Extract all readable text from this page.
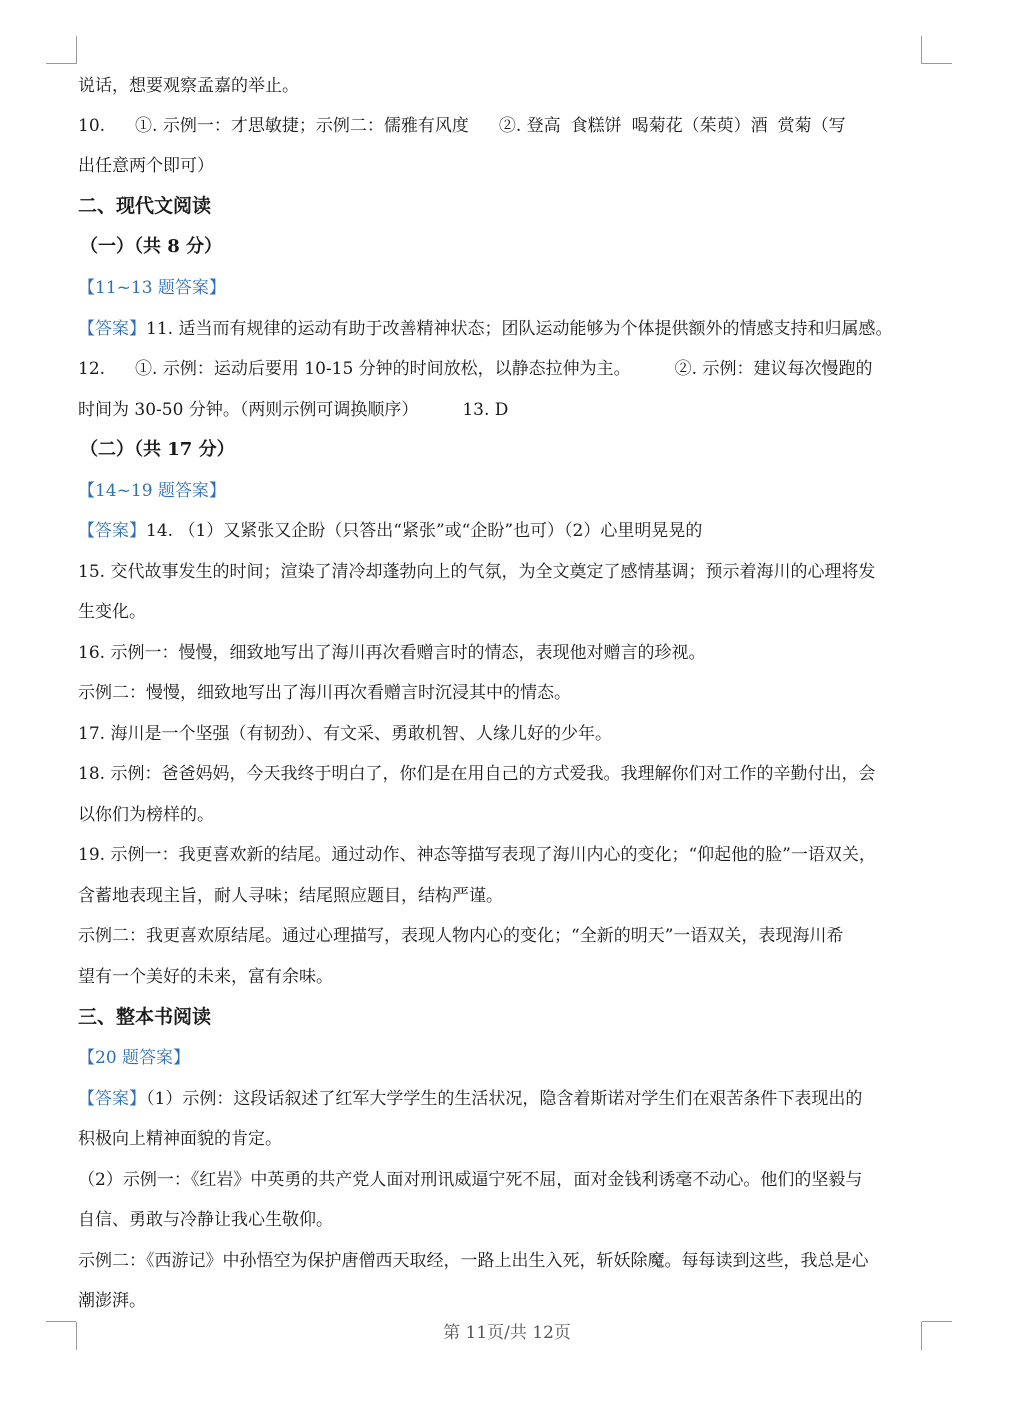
说话，想要观察孟嘉的举止。
10. ①. 示例一：才思敏捷；示例二：儒雅有风度 ②. 登高 食糕饼 喝菊花（茱萸）酒 赏菊（写
出任意两个即可）
二、现代文阅读
（一）（共 8 分）
【11~13 题答案】
【答案】11. 适当而有规律的运动有助于改善精神状态；团队运动能够为个体提供额外的情感支持和归属感。
12. ①. 示例：运动后要用 10-15 分钟的时间放松，以静态拉伸为主。	②. 示例：建议每次慢跑的
时间为 30-50 分钟。（两则示例可调换顺序）	13. D
（二）（共 17 分）
【14~19 题答案】
【答案】14. （1）又紧张又企盼（只答出“紧张”或“企盼”也可）（2）心里明晃晃的
15. 交代故事发生的时间；渲染了清冷却蓬勃向上的气氛，为全文奠定了感情基调；预示着海川的心理将发
生变化。
16. 示例一：慢慢，细致地写出了海川再次看赠言时的情态，表现他对赠言的珍视。
示例二：慢慢，细致地写出了海川再次看赠言时沉浸其中的情态。
17. 海川是一个坚强（有韧劲）、有文采、勇敢机智、人缘儿好的少年。
18. 示例：爸爸妈妈，今天我终于明白了，你们是在用自己的方式爱我。我理解你们对工作的辛勤付出，会
以你们为榜样的。
19. 示例一：我更喜欢新的结尾。通过动作、神态等描写表现了海川内心的变化；“仰起他的脸”一语双关，
含蓄地表现主旨，耐人寻味；结尾照应题目，结构严谨。
示例二：我更喜欢原结尾。通过心理描写，表现人物内心的变化；“全新的明天”一语双关，表现海川希
望有一个美好的未来，富有余味。
三、整本书阅读
【20 题答案】
【答案】（1）示例：这段话叙述了红军大学学生的生活状况，隐含着斯诺对学生们在艰苦条件下表现出的
积极向上精神面貌的肯定。
（2）示例一：《红岩》中英勇的共产党人面对刑讯威逼宁死不屈，面对金钱利诱毫不动心。他们的坚毅与
自信、勇敢与冷静让我心生敬仰。
示例二：《西游记》中孙悟空为保护唐僧西天取经，一路上出生入死，斩妖除魔。每每读到这些，我总是心
潮澎湃。
第 11页/共 12页
